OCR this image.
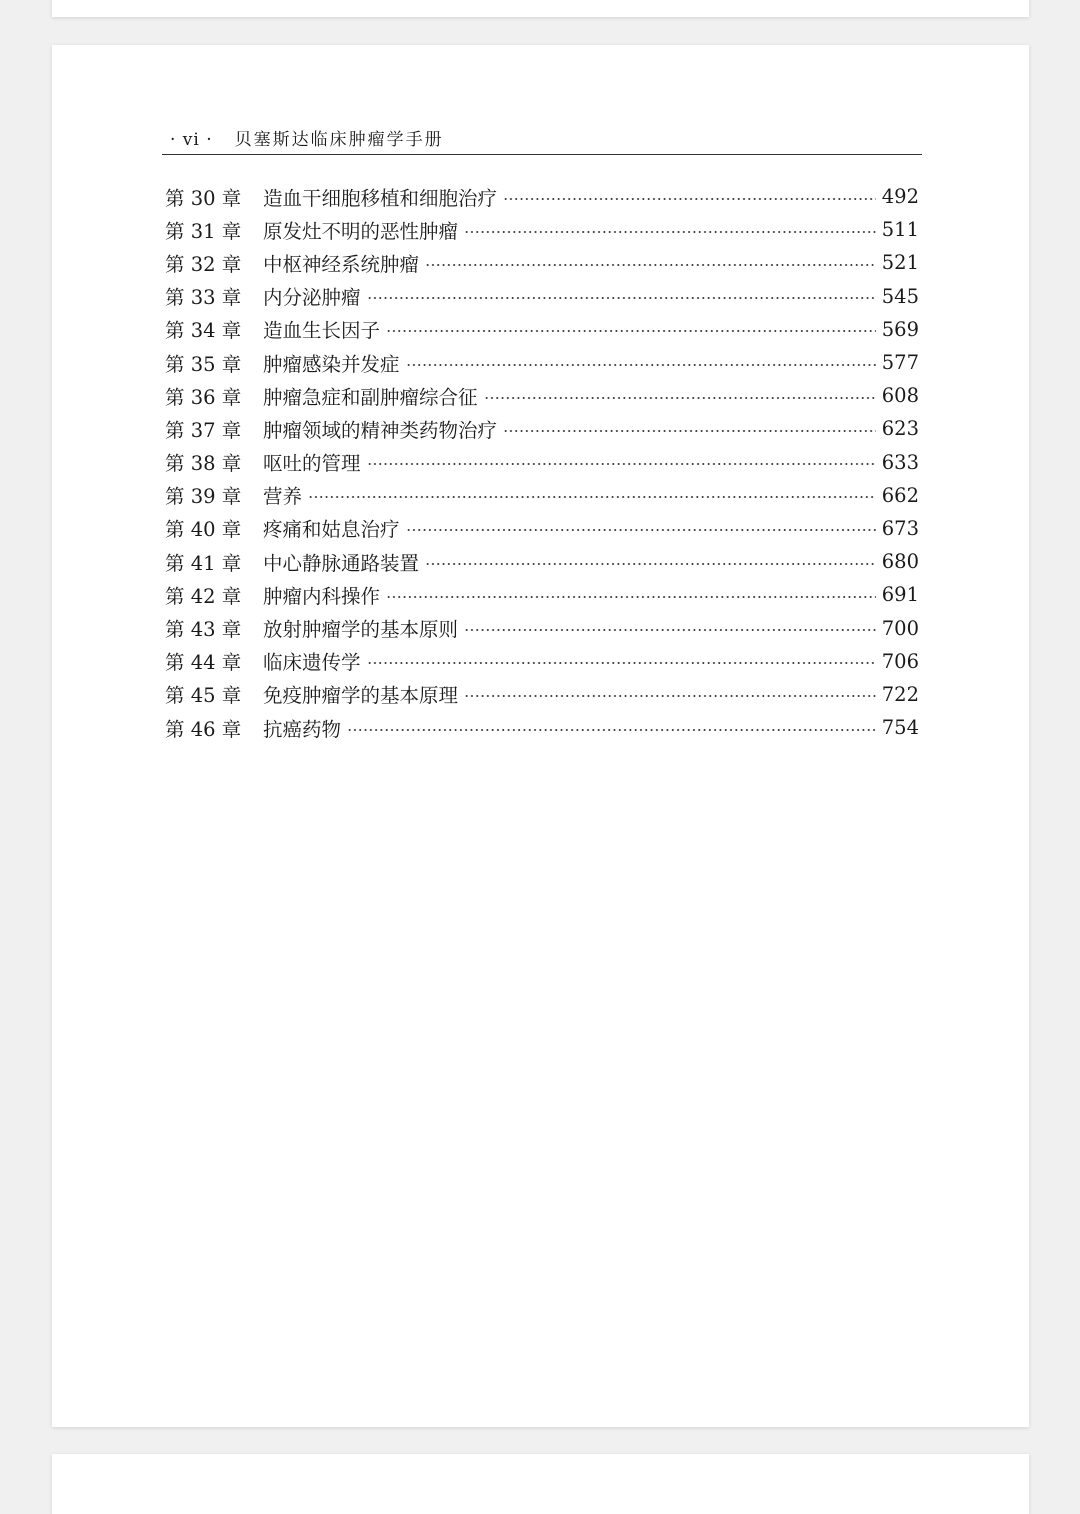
· vi · 贝塞斯达临床肿瘤学手册
第 30 章	造血干细胞移植和细胞治疗	492
第 31 章	原发灶不明的恶性肿瘤	511
第 32 章	中枢神经系统肿瘤	521
第 33 章	内分泌肿瘤	545
第 34 章	造血生长因子	569
第 35 章	肿瘤感染并发症	577
第 36 章	肿瘤急症和副肿瘤综合征	608
第 37 章	肿瘤领域的精神类药物治疗	623
第 38 章	呕吐的管理	633
第 39 章	营养	662
第 40 章	疼痛和姑息治疗	673
第 41 章	中心静脉通路装置	680
第 42 章	肿瘤内科操作	691
第 43 章	放射肿瘤学的基本原则	700
第 44 章	临床遗传学	706
第 45 章	免疫肿瘤学的基本原理	722
第 46 章	抗癌药物	754
